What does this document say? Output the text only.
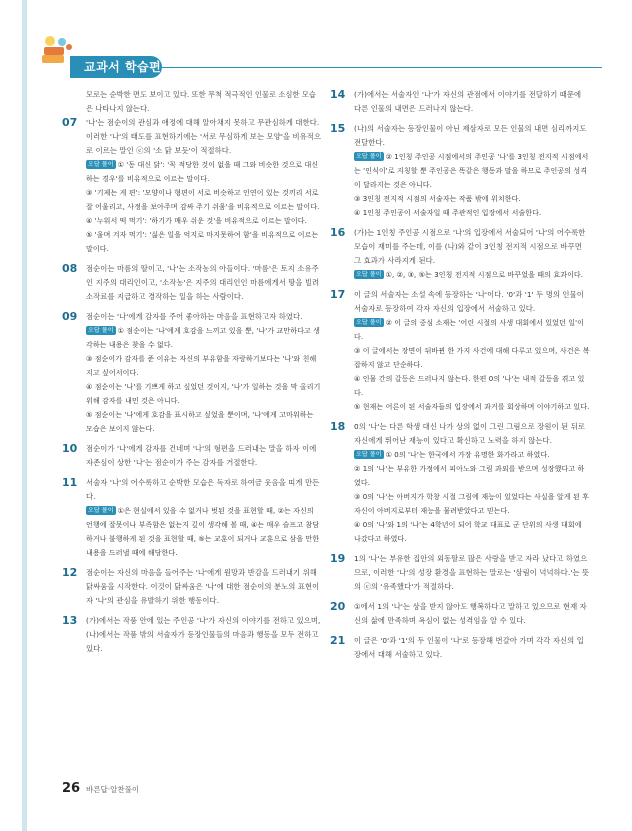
교과서 학습편
모로는 순박한 면도 보이고 있다. 또한 무척 적극적인 인물로 소심한 모습은 나타나지 않는다.
07	'나'는 점순이의 관심과 애정에 대해 알아채지 못하고 무관심하게 대한다. 이러한 '나'의 태도를 표현하기에는 '서로 무심하게 보는 모양'을 비유적으로 이르는 말인 ⓔ의 '소 닭 보듯'이 적절하다.
오답 풀이 ① '동 대신 닭': '꼭 적당한 것이 없을 때 그와 비슷한 것으로 대신하는 경우'를 비유적으로 이르는 말이다.
③ '기제는 게 편': '모양이나 형편이 서로 비슷하고 인연이 있는 것끼리 서로 잘 어울리고, 사정을 보아주며 감싸 주기 쉬움'을 비유적으로 이르는 말이다.
④ '누워서 떡 먹기': '하기가 매우 쉬운 것'을 비유적으로 이르는 말이다.
⑤ '울며 겨자 먹기': '싫은 일을 억지로 마지못하여 함'을 비유적으로 이르는 말이다.
08	점순이는 마름의 딸이고, '나'는 소작농의 아들이다. '마름'은 토지 소유주인 지주의 대리인이고, '소작농'은 지주의 대리인인 마름에게서 땅을 빌려 소작료를 지급하고 경작하는 일을 하는 사람이다.
09	점순이는 '나'에게 감자를 주어 좋아하는 마음을 표현하고자 하였다.
오답 풀이 ① 점순이는 '나'에게 호감을 느끼고 있을 뿐, '나'가 교만하다고 생각하는 내용은 찾을 수 없다.
③ 점순이가 감자를 준 이유는 자신의 부유함을 자랑하기보다는 '나'와 친해지고 싶어서이다.
④ 점순이는 '나'를 기쁘게 하고 싶었던 것이지, '나'가 일하는 것을 막 올리기 위해 감자를 내민 것은 아니다.
⑤ 점순이는 '나'에게 호감을 표시하고 싶었을 뿐이며, '나'에게 고마워하는 모습은 보이지 않는다.
10	점순이가 '나'에게 감자를 건네며 '나'의 형편을 드러내는 말을 하자 이에 자존심이 상한 '나'는 점순이가 주는 감자를 거절한다.
11	서술자 '나'의 어수룩하고 순박한 모습은 독자로 하여금 웃음을 띠게 만든다.
오답 풀이 ①은 현실에서 있을 수 없거나 벗된 것을 표현할 때, ②는 자신의 언행에 잘못이나 부족함은 없는지 깊이 생각해 볼 때, ④는 매우 슬프고 참담하거나 불행하게 된 것을 표현할 때, ⑤는 교훈이 되거나 교훈으로 삼을 만한 내용을 드러낼 때에 해당한다.
12	점순이는 자신의 마음을 들어주는 '나'에게 원망과 반감을 드러내기 위해 닭싸움을 시작한다. 이것이 닭싸움은 '나'에 대한 점순이의 분노의 표현이자 '나'의 관심을 유발하기 위한 행동이다.
13	(가)에서는 작품 안에 있는 주인공 '나'가 자신의 이야기를 전하고 있으며, (나)에서는 작품 밖의 서술자가 등장인물들의 마음과 행동을 모두 전하고 있다.
14	(가)에서는 서술자인 '나'가 자신의 관점에서 이야기를 전달하기 때문에 다른 인물의 내면은 드러나지 않는다.
15	(나)의 서술자는 등장인물이 아닌 제삼자로 모든 인물의 내면 심리까지도 전달한다.
오답 풀이 ② 1인칭 주인공 시점에서의 주인공 '나'를 3인칭 전지적 시점에서는 '인식이'로 지칭할 뿐 주인공은 똑같은 행동과 말을 하므로 주인공의 성격이 달라지는 것은 아니다.
③ 3인칭 전지적 시점의 서술자는 작품 밖에 위치한다.
④ 1인칭 주인공이 서술자일 때 주관적인 입장에서 서술한다.
16	(가)는 1인칭 주인공 시점으로 '나'의 입장에서 서술되어 '나'의 어수룩한 모습이 재미를 주는데, 이를 (나)와 같이 3인칭 전지적 시점으로 바꾸면 그 효과가 사라지게 된다.
오답 풀이 ①, ②, ③, ⑤는 3인칭 전지적 시점으로 바꾸었을 때의 효과이다.
17	이 글의 서술자는 소설 속에 등장하는 '나'이다. '0'과 '1' 두 명의 인물이 서술자로 등장하여 각자 자신의 입장에서 서술하고 있다.
오답 풀이 ② 이 글의 중심 소재는 '어린 시절의 사생 대회에서 있었던 일'이다.
③ 이 글에서는 장면이 뒤바뀐 한 가지 사건에 대해 다루고 있으며, 사건은 복잡하지 않고 단순하다.
④ 인물 간의 갈등은 드러나지 않는다. 한편 0의 '나'는 내적 갈등을 겪고 있다.
⑤ 현재는 어른이 된 서술자들의 입장에서 과거를 회상하며 이야기하고 있다.
18	0의 '나'는 다른 학생 대신 나가 상의 없이 그린 그림으로 장원이 된 뒤로 자신에게 뛰어난 재능이 있다고 확신하고 노력을 하지 않는다.
오답 풀이 ① 0의 '나'는 한국에서 가장 유명한 화가라고 하였다.
② 1의 '나'는 부유한 가정에서 피아노와 그림 과외를 받으며 성장했다고 하였다.
③ 0의 '나'는 아버지가 학창 시절 그림에 재능이 있었다는 사실을 알게 된 후 자신이 아버지로부터 재능을 물려받았다고 믿는다.
④ 0의 '나'와 1의 '나'는 4학년이 되어 학교 대표로 군 단위의 사생 대회에 나갔다고 하였다.
19	1의 '나'는 부유한 집안의 외동딸로 많은 사랑을 받고 자라 났다고 하였으므로, 이러한 '나'의 성장 환경을 표현하는 말로는 '삼림이 넉넉하다.'는 뜻의 ⓔ의 '유족했다'가 적절하다.
20	①에서 1의 '나'는 상을 받지 않아도 행복하다고 말하고 있으므로 현재 자신의 삶에 만족하며 욕심이 없는 성격임을 알 수 있다.
21	이 글은 '0'과 '1'의 두 인물이 '나'로 등장해 번갈아 가며 각각 자신의 입장에서 대해 서술하고 있다.
26 바른답·알찬풀이
